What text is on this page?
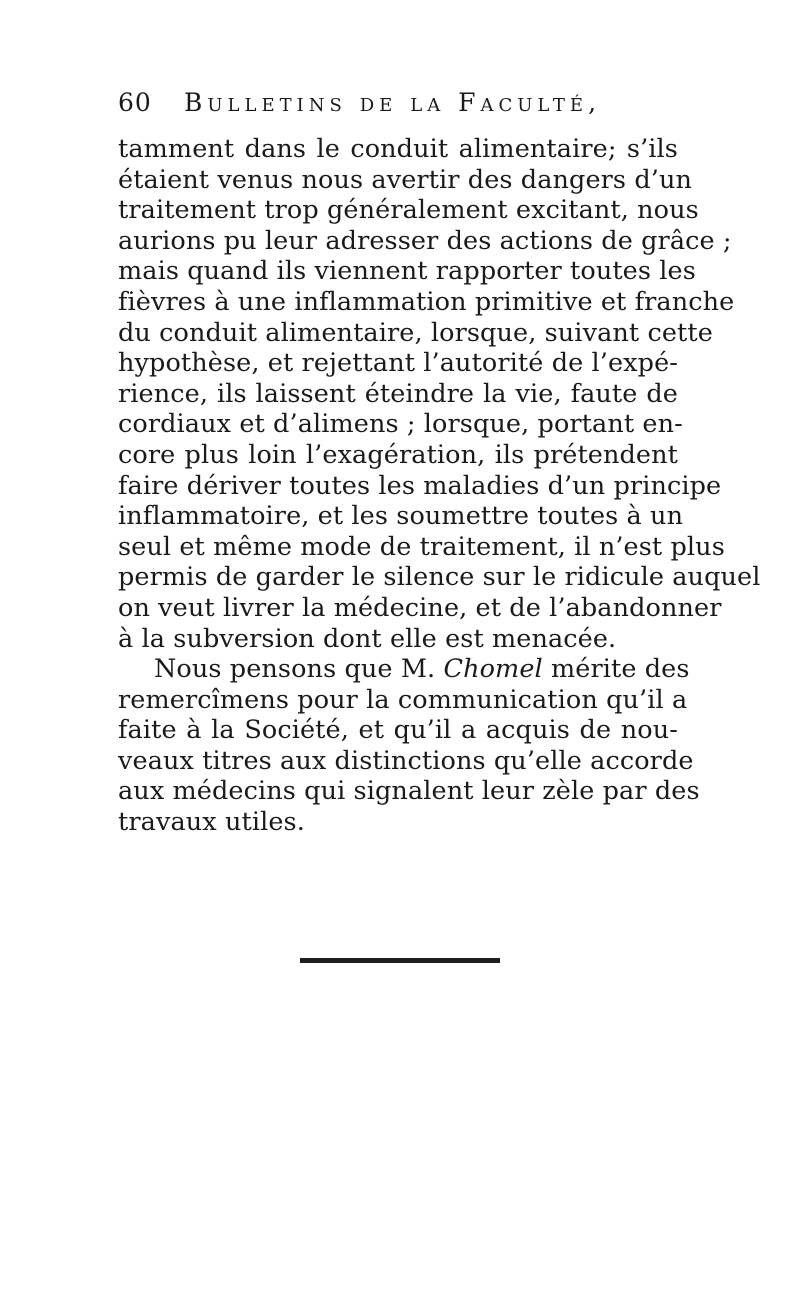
60 Bulletins de la Faculté,
tamment dans le conduit alimentaire; s’ils
étaient venus nous avertir des dangers d’un
traitement trop généralement excitant, nous
aurions pu leur adresser des actions de grâce ;
mais quand ils viennent rapporter toutes les
fièvres à une inflammation primitive et franche
du conduit alimentaire, lorsque, suivant cette
hypothèse, et rejettant l’autorité de l’expé-
rience, ils laissent éteindre la vie, faute de
cordiaux et d’alimens ; lorsque, portant en-
core plus loin l’exagération, ils prétendent
faire dériver toutes les maladies d’un principe
inflammatoire, et les soumettre toutes à un
seul et même mode de traitement, il n’est plus
permis de garder le silence sur le ridicule auquel
on veut livrer la médecine, et de l’abandonner
à la subversion dont elle est menacée.
Nous pensons que M. Chomel mérite des
remercîmens pour la communication qu’il a
faite à la Société, et qu’il a acquis de nou-
veaux titres aux distinctions qu’elle accorde
aux médecins qui signalent leur zèle par des
travaux utiles.
